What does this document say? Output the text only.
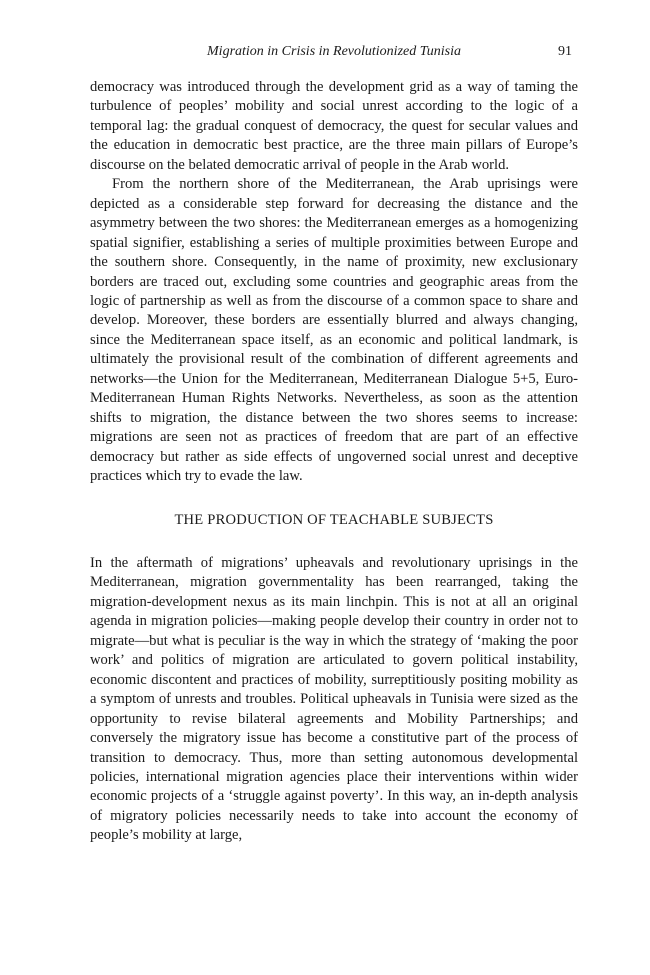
Migration in Crisis in Revolutionized Tunisia	91

democracy was introduced through the development grid as a way of taming the turbulence of peoples’ mobility and social unrest according to the logic of a temporal lag: the gradual conquest of democracy, the quest for secular values and the education in democratic best practice, are the three main pillars of Europe’s discourse on the belated democratic arrival of people in the Arab world.

From the northern shore of the Mediterranean, the Arab uprisings were depicted as a considerable step forward for decreasing the distance and the asymmetry between the two shores: the Mediterranean emerges as a homogenizing spatial signifier, establishing a series of multiple proximities between Europe and the southern shore. Consequently, in the name of proximity, new exclusionary borders are traced out, excluding some countries and geographic areas from the logic of partnership as well as from the discourse of a common space to share and develop. Moreover, these borders are essentially blurred and always changing, since the Mediterranean space itself, as an economic and political landmark, is ultimately the provisional result of the combination of different agreements and networks—the Union for the Mediterranean, Mediterranean Dialogue 5+5, Euro-Mediterranean Human Rights Networks. Nevertheless, as soon as the attention shifts to migration, the distance between the two shores seems to increase: migrations are seen not as practices of freedom that are part of an effective democracy but rather as side effects of ungoverned social unrest and deceptive practices which try to evade the law.

THE PRODUCTION OF TEACHABLE SUBJECTS

In the aftermath of migrations’ upheavals and revolutionary uprisings in the Mediterranean, migration governmentality has been rearranged, taking the migration-development nexus as its main linchpin. This is not at all an original agenda in migration policies—making people develop their country in order not to migrate—but what is peculiar is the way in which the strategy of ‘making the poor work’ and politics of migration are articulated to govern political instability, economic discontent and practices of mobility, surreptitiously positing mobility as a symptom of unrests and troubles. Political upheavals in Tunisia were sized as the opportunity to revise bilateral agreements and Mobility Partnerships; and conversely the migratory issue has become a constitutive part of the process of transition to democracy. Thus, more than setting autonomous developmental policies, international migration agencies place their interventions within wider economic projects of a ‘struggle against poverty’. In this way, an in-depth analysis of migratory policies necessarily needs to take into account the economy of people’s mobility at large,
